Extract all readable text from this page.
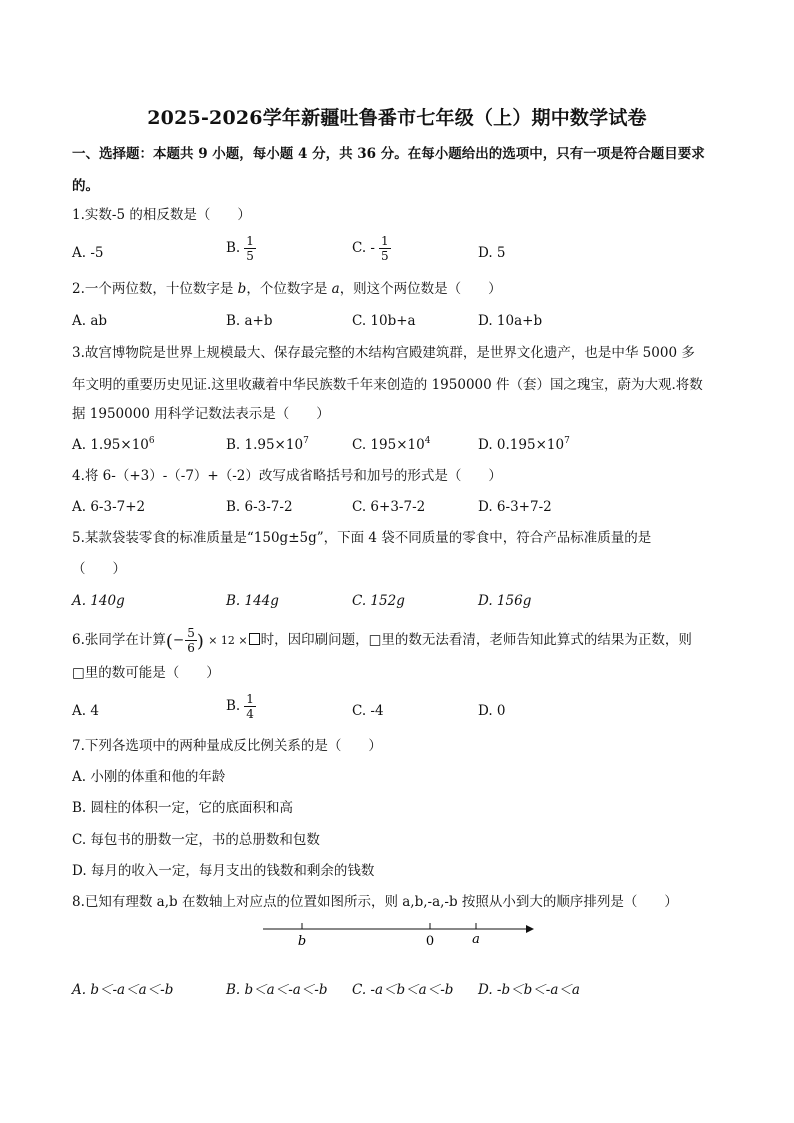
2025-2026学年新疆吐鲁番市七年级（上）期中数学试卷
一、选择题：本题共 9 小题，每小题 4 分，共 36 分。在每小题给出的选项中，只有一项是符合题目要求
的。
1.实数-5 的相反数是（　　）
A. -5	B. $\frac{1}{5}$	C. - $\frac{1}{5}$	D. 5
2.一个两位数，十位数字是 b，个位数字是 a，则这个两位数是（　　）
A. ab	B. a+b	C. 10b+a	D. 10a+b
3.故宫博物院是世界上规模最大、保存最完整的木结构宫殿建筑群，是世界文化遗产，也是中华 5000 多
年文明的重要历史见证.这里收藏着中华民族数千年来创造的 1950000 件（套）国之瑰宝，蔚为大观.将数
据 1950000 用科学记数法表示是（　　）
A. $1.95\times 10^6$	B. $1.95\times 10^7$	C. $195\times 10^4$	D. $0.195\times 10^7$
4.将 6-（+3）-（-7）+（-2）改写成省略括号和加号的形式是（　　）
A. 6-3-7+2	B. 6-3-7-2	C. 6+3-7-2	D. 6-3+7-2
5.某款袋装零食的标准质量是“150g±5g”，下面 4 袋不同质量的零食中，符合产品标准质量的是
（　　）
A. 140g	B. 144g	C. 152g	D. 156g
6.张同学在计算(− $\frac{5}{6}$ ) × 12 × 时，因印刷问题，□里的数无法看清，老师告知此算式的结果为正数，则
□里的数可能是（　　）
A. 4	B. $\frac{1}{4}$	C. -4	D. 0
7.下列各选项中的两种量成反比例关系的是（　　）
A. 小刚的体重和他的年龄
B. 圆柱的体积一定，它的底面积和高
C. 每包书的册数一定，书的总册数和包数
D. 每月的收入一定，每月支出的钱数和剩余的钱数
8.已知有理数 a,b 在数轴上对应点的位置如图所示，则 a,b,-a,-b 按照从小到大的顺序排列是（　　）
b	0	a
A. b＜-a＜a＜-b	B. b＜a＜-a＜-b C. -a＜b＜a＜-b D. -b＜b＜-a＜a
